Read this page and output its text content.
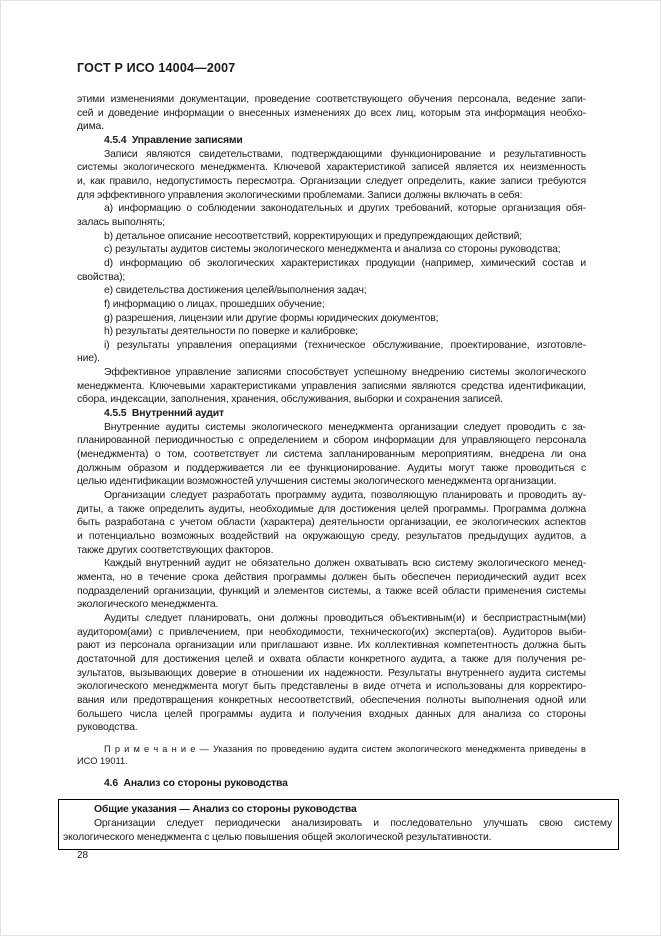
ГОСТ Р ИСО 14004—2007
этими изменениями документации, проведение соответствующего обучения персонала, ведение запи-
сей и доведение информации о внесенных изменениях до всех лиц, которым эта информация необхо-
дима.
4.5.4  Управление записями
Записи являются свидетельствами, подтверждающими функционирование и результативность
системы экологического менеджмента. Ключевой характеристикой записей является их неизменность
и, как правило, недопустимость пересмотра. Организации следует определить, какие записи требуются
для эффективного управления экологическими проблемами. Записи должны включать в себя:
a) информацию о соблюдении законодательных и других требований, которые организация обя-
залась выполнять;
b) детальное описание несоответствий, корректирующих и предупреждающих действий;
c) результаты аудитов системы экологического менеджмента и анализа со стороны руководства;
d) информацию об экологических характеристиках продукции (например, химический состав и
свойства);
e) свидетельства достижения целей/выполнения задач;
f) информацию о лицах, прошедших обучение;
g) разрешения, лицензии или другие формы юридических документов;
h) результаты деятельности по поверке и калибровке;
i) результаты управления операциями (техническое обслуживание, проектирование, изготовле-
ние).
Эффективное управление записями способствует успешному внедрению системы экологического
менеджмента. Ключевыми характеристиками управления записями являются средства идентификации,
сбора, индексации, заполнения, хранения, обслуживания, выборки и сохранения записей.
4.5.5  Внутренний аудит
Внутренние аудиты системы экологического менеджмента организации следует проводить с за-
планированной периодичностью с определением и сбором информации для управляющего персонала
(менеджмента) о том, соответствует ли система запланированным мероприятиям, внедрена ли она
должным образом и поддерживается ли ее функционирование. Аудиты могут также проводиться с
целью идентификации возможностей улучшения системы экологического менеджмента организации.
Организации следует разработать программу аудита, позволяющую планировать и проводить ау-
диты, а также определить аудиты, необходимые для достижения целей программы. Программа должна
быть разработана с учетом области (характера) деятельности организации, ее экологических аспектов
и потенциально возможных воздействий на окружающую среду, результатов предыдущих аудитов, а
также других соответствующих факторов.
Каждый внутренний аудит не обязательно должен охватывать всю систему экологического менед-
жмента, но в течение срока действия программы должен быть обеспечен периодический аудит всех
подразделений организации, функций и элементов системы, а также всей области применения системы
экологического менеджмента.
Аудиты следует планировать, они должны проводиться объективным(и) и беспристрастным(ми)
аудитором(ами) с привлечением, при необходимости, технического(их) эксперта(ов). Аудиторов выби-
рают из персонала организации или приглашают извне. Их коллективная компетентность должна быть
достаточной для достижения целей и охвата области конкретного аудита, а также для получения ре-
зультатов, вызывающих доверие в отношении их надежности. Результаты внутреннего аудита системы
экологического менеджмента могут быть представлены в виде отчета и использованы для корректиро-
вания или предотвращения конкретных несоответствий, обеспечения полноты выполнения одной или
большего числа целей программы аудита и получения входных данных для анализа со стороны
руководства.
П р и м е ч а н и е — Указания по проведению аудита систем экологического менеджмента приведены в
ИСО 19011.
4.6  Анализ со стороны руководства
Общие указания — Анализ со стороны руководства
Организации следует периодически анализировать и последовательно улучшать свою систему
экологического менеджмента с целью повышения общей экологической результативности.
28
